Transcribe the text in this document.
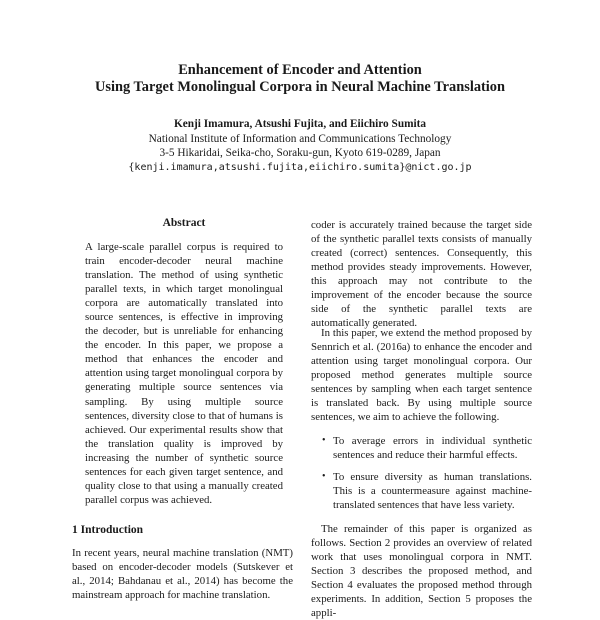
Enhancement of Encoder and Attention
Using Target Monolingual Corpora in Neural Machine Translation
Kenji Imamura, Atsushi Fujita, and Eiichiro Sumita
National Institute of Information and Communications Technology
3-5 Hikaridai, Seika-cho, Soraku-gun, Kyoto 619-0289, Japan
{kenji.imamura,atsushi.fujita,eiichiro.sumita}@nict.go.jp
Abstract

A large-scale parallel corpus is required to train encoder-decoder neural machine translation. The method of using synthetic parallel texts, in which target monolingual corpora are automatically translated into source sentences, is effective in improving the decoder, but is unreliable for enhancing the encoder. In this paper, we propose a method that enhances the encoder and attention using target monolingual corpora by generating multiple source sentences via sampling. By using multiple source sentences, diversity close to that of humans is achieved. Our experimental results show that the translation quality is improved by increasing the number of synthetic source sentences for each given target sentence, and quality close to that using a manually created parallel corpus was achieved.

1 Introduction

In recent years, neural machine translation (NMT) based on encoder-decoder models (Sutskever et al., 2014; Bahdanau et al., 2014) has become the mainstream approach for machine translation.

coder is accurately trained because the target side of the synthetic parallel texts consists of manually created (correct) sentences. Consequently, this method provides steady improvements. However, this approach may not contribute to the improvement of the encoder because the source side of the synthetic parallel texts are automatically generated.

In this paper, we extend the method proposed by Sennrich et al. (2016a) to enhance the encoder and attention using target monolingual corpora. Our proposed method generates multiple source sentences by sampling when each target sentence is translated back. By using multiple source sentences, we aim to achieve the following.

• To average errors in individual synthetic sentences and reduce their harmful effects.
• To ensure diversity as human translations. This is a countermeasure against machine-translated sentences that have less variety.

The remainder of this paper is organized as follows. Section 2 provides an overview of related work that uses monolingual corpora in NMT. Section 3 describes the proposed method, and Section 4 evaluates the proposed method through experiments. In addition, Section 5 proposes the appli-
